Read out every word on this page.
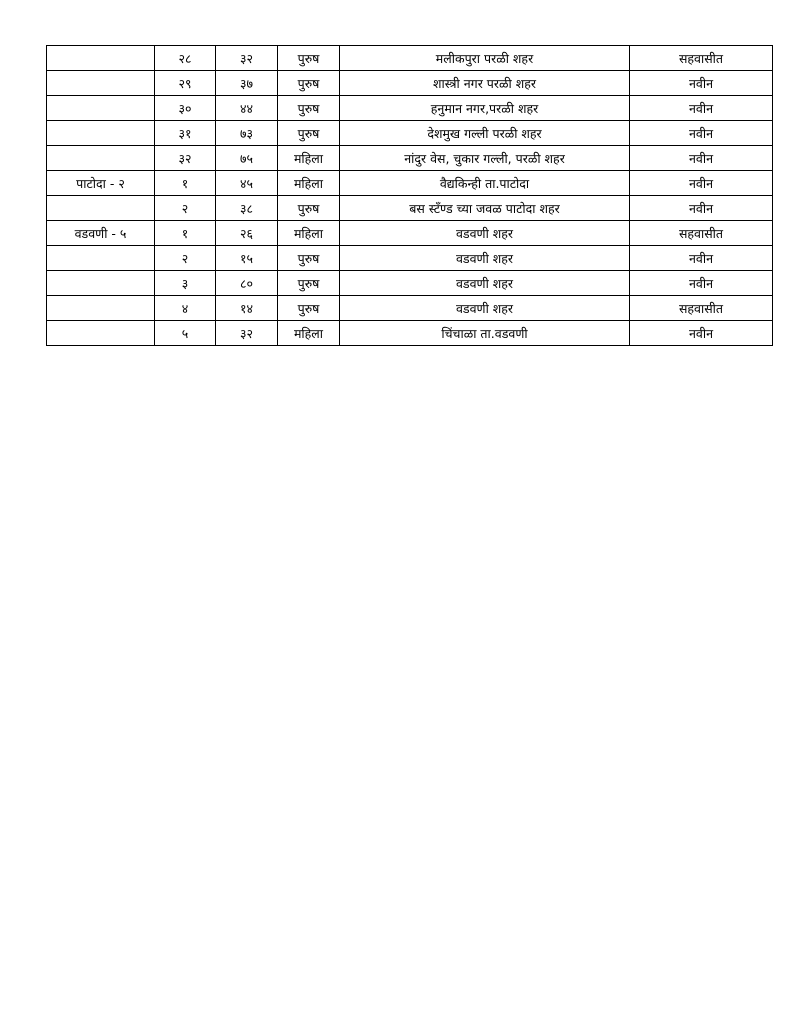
	२८	३२	पुरुष	मलीकपुरा परळी शहर	सहवासीत
	२९	३७	पुरुष	शास्त्री नगर परळी शहर	नवीन
	३०	४४	पुरुष	हनुमान नगर,परळी शहर	नवीन
	३१	७३	पुरुष	देशमुख गल्ली परळी शहर	नवीन
	३२	७५	महिला	नांदुर वेस, चुकार गल्ली, परळी शहर	नवीन
पाटोदा - २	१	४५	महिला	वैद्यकिन्ही ता.पाटोदा	नवीन
	२	३८	पुरुष	बस स्टँण्ड च्या जवळ पाटोदा शहर	नवीन
वडवणी - ५	१	२६	महिला	वडवणी शहर	सहवासीत
	२	१५	पुरुष	वडवणी शहर	नवीन
	३	८०	पुरुष	वडवणी शहर	नवीन
	४	१४	पुरुष	वडवणी शहर	सहवासीत
	५	३२	महिला	चिंचाळा ता.वडवणी	नवीन
